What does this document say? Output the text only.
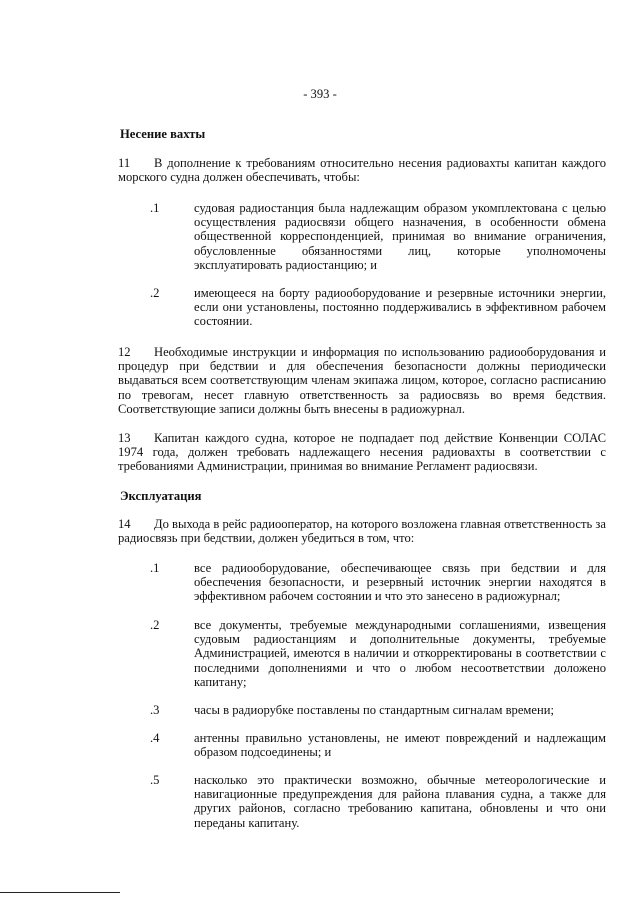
- 393 -
Несение вахты
11 В дополнение к требованиям относительно несения радиовахты капитан каждого морского судна должен обеспечивать, чтобы:
.1	судовая радиостанция была надлежащим образом укомплектована с целью осуществления радиосвязи общего назначения, в особенности обмена общественной корреспонденцией, принимая во внимание ограничения, обусловленные обязанностями лиц, которые уполномочены эксплуатировать радиостанцию; и
.2	имеющееся на борту радиооборудование и резервные источники энергии, если они установлены, постоянно поддерживались в эффективном рабочем состоянии.
12 Необходимые инструкции и информация по использованию радиооборудования и процедур при бедствии и для обеспечения безопасности должны периодически выдаваться всем соответствующим членам экипажа лицом, которое, согласно расписанию по тревогам, несет главную ответственность за радиосвязь во время бедствия. Соответствующие записи должны быть внесены в радиожурнал.
13 Капитан каждого судна, которое не подпадает под действие Конвенции СОЛАС 1974 года, должен требовать надлежащего несения радиовахты в соответствии с требованиями Администрации, принимая во внимание Регламент радиосвязи.
Эксплуатация
14 До выхода в рейс радиооператор, на которого возложена главная ответственность за радиосвязь при бедствии, должен убедиться в том, что:
.1	все радиооборудование, обеспечивающее связь при бедствии и для обеспечения безопасности, и резервный источник энергии находятся в эффективном рабочем состоянии и что это занесено в радиожурнал;
.2	все документы, требуемые международными соглашениями, извещения судовым радиостанциям и дополнительные документы, требуемые Администрацией, имеются в наличии и откорректированы в соответствии с последними дополнениями и что о любом несоответствии доложено капитану;
.3	часы в радиорубке поставлены по стандартным сигналам времени;
.4	антенны правильно установлены, не имеют повреждений и надлежащим образом подсоединены; и
.5	насколько это практически возможно, обычные метеорологические и навигационные предупреждения для района плавания судна, а также для других районов, согласно требованию капитана, обновлены и что они переданы капитану.
